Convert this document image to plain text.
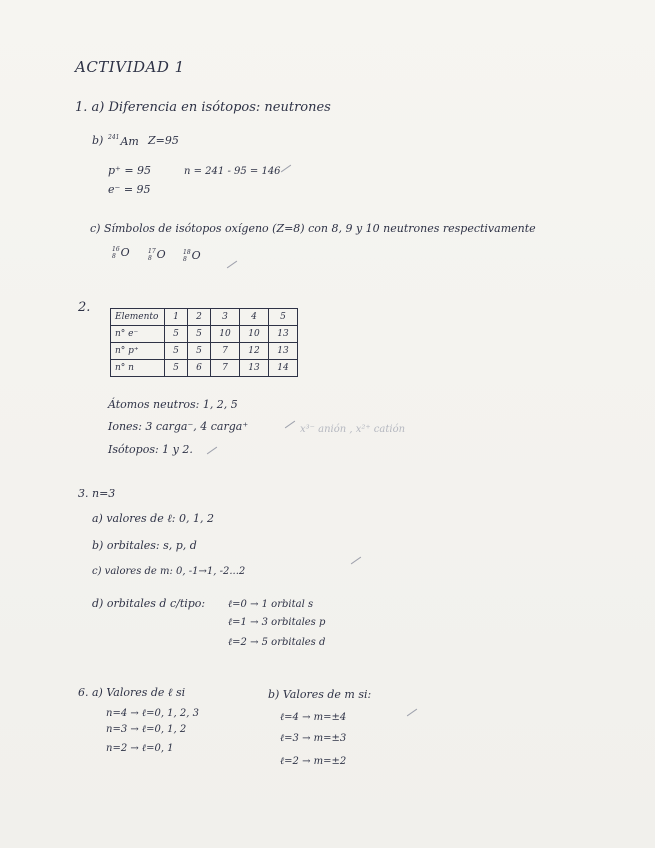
ACTIVIDAD 1
1. a) Diferencia en isótopos: neutrones
b) $^{241}$Am Z=95
p⁺ = 95	n = 241 - 95 = 146
e⁻ = 95
c) Símbolos de isótopos oxígeno (Z=8) con 8, 9 y 10 neutrones respectivamente
16
8 O	17
8 O	18
8 O
2.
Elemento	1	2	3	4	5
n° e⁻	5	5	10	10	13
n° p⁺	5	5	7	12	13
n° n	5	6	7	13	14
Átomos neutros: 1, 2, 5
Iones: 3 carga⁻, 4 carga⁺	x³⁻ anión , x²⁺ catión
Isótopos: 1 y 2.
3. n=3
a) valores de ℓ: 0, 1, 2
b) orbitales: s, p, d
c) valores de m: 0, -1→1, -2...2
d) orbitales d c/tipo: ℓ=0 → 1 orbital s
ℓ=1 → 3 orbitales p
ℓ=2 → 5 orbitales d
6. a) Valores de ℓ si
n=4 → ℓ=0, 1, 2, 3
n=3 → ℓ=0, 1, 2
n=2 → ℓ=0, 1
b) Valores de m si:
ℓ=4 → m=±4
ℓ=3 → m=±3
ℓ=2 → m=±2
